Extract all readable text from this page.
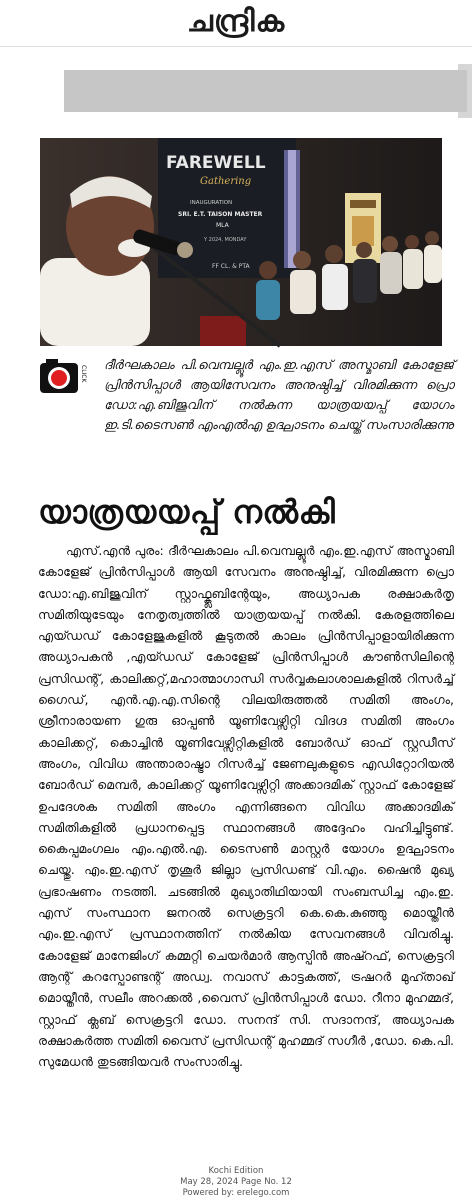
ചന്ദ്രിക
FAREWELL
Gathering
INAUGURATION
SRI. E.T. TAISON MASTER
MLA
Y 2024, MONDAY
FF CL. & PTA
CLICK

ദീർഘകാലം പി.വെമ്പല്ലൂർ എം.ഇ.എസ് അസ്മാബി കോളേജ് പ്രിൻസിപ്പാൾ ആയിസേവനം അനുഷ്ഠിച്ച് വിരമിക്കുന്ന പ്രൊ ഡോ:എ.ബിജുവിന് നൽകുന്ന യാത്രയയപ്പ് യോഗം ഇ.ടി.ടൈസൺ എംഎൽഎ ഉദ്ഘാടനം ചെയ്ത് സംസാരിക്കുന്നു

യാത്രയയപ്പ് നൽകി

എസ്.എൻ പുരം: ദീർഘകാലം പി.വെമ്പല്ലൂർ എം.ഇ.എസ് അസ്മാബി കോളേജ് പ്രിൻസിപ്പാൾ ആയി സേവനം അനുഷ്ഠിച്ച്, വിരമിക്കുന്ന പ്രൊ ഡോ:എ.ബിജുവിന് സ്റ്റാഫ്ക്ലബിന്റേയും, അധ്യാപക രക്ഷാകർതൃ സമിതിയുടേയും നേതൃത്വത്തിൽ യാത്രയയപ്പ് നൽകി. കേരളത്തിലെ എയ്ഡഡ് കോളേജുകളിൽ കൂടുതൽ കാലം പ്രിൻസിപ്പാളായിരിക്കുന്ന അധ്യാപകൻ ,എയ്ഡഡ് കോളേജ് പ്രിൻസിപ്പാൾ കൗൺസിലിന്റെ പ്രസിഡന്റ്, കാലിക്കറ്റ്,മഹാത്മാഗാന്ധി സർവ്വകലാശാലകളിൽ റിസർച്ച് ഗൈഡ്, എൻ.എ.എ.സിന്റെ വിലയിരുത്തൽ സമിതി അംഗം, ശ്രീനാരായണ ഗുരു ഓപ്പൺ യൂണിവേഴ്സിറ്റി വിദഗ്ദ സമിതി അംഗം കാലിക്കറ്റ്, കൊച്ചിൻ യൂണിവേഴ്സിറ്റികളിൽ ബോർഡ് ഓഫ് സ്റ്റഡീസ് അംഗം, വിവിധ അന്താരാഷ്ട്രാ റിസർച്ച് ജേണലുകളുടെ എഡിറ്റോറിയൽ ബോർഡ് മെമ്പർ, കാലിക്കറ്റ് യൂണിവേഴ്സിറ്റി അക്കാദമിക് സ്റ്റാഫ് കോളേജ് ഉപദേശക സമിതി അംഗം എന്നിങ്ങനെ വിവിധ അക്കാദമിക് സമിതികളിൽ പ്രധാനപ്പെട്ട സ്ഥാനങ്ങൾ അദ്ദേഹം വഹിച്ചിട്ടുണ്ട്. കൈപ്പമംഗലം എം.എൽ.എ. ടൈസൺ മാസ്റ്റർ യോഗം ഉദ്ഘാടനം ചെയ്തു. എം.ഇ.എസ് തൃശൂർ ജില്ലാ പ്രസിഡണ്ട് വി.എം. ഷൈൻ മുഖ്യ പ്രഭാഷണം നടത്തി. ചടങ്ങിൽ മുഖ്യാതിഥിയായി സംബന്ധിച്ച എം.ഇ. എസ് സംസ്ഥാന ജനറൽ സെക്രട്ടറി കെ.കെ.കുഞ്ഞു മൊയ്തീൻ എം.ഇ.എസ് പ്രസ്ഥാനത്തിന് നൽകിയ സേവനങ്ങൾ വിവരിച്ചു. കോളേജ് മാനേജിംഗ് കമ്മറ്റി ചെയർമാർ ആസ്പിൻ അഷ്റഫ്, സെക്രട്ടറി ആന്റ് കറസ്പോണ്ടന്റ് അഡ്വ. നവാസ് കാട്ടകത്ത്, ട്രഷറർ മുഹ്താഖ് മൊയ്തീൻ, സലീം അറക്കൽ ,വൈസ് പ്രിൻസിപ്പാൾ ഡോ. റീനാ മുഹമ്മദ്, സ്റ്റാഫ് ക്ലബ് സെക്രട്ടറി ഡോ. സനന്ദ് സി. സദാനന്ദ്, അധ്യാപക രക്ഷാകർത്ത സമിതി വൈസ് പ്രസിഡന്റ് മുഹമ്മദ് സഗീർ ,ഡോ. കെ.പി. സുമേധൻ തുടങ്ങിയവർ സംസാരിച്ചു.

Kochi Edition
May 28, 2024 Page No. 12
Powered by: erelego.com
